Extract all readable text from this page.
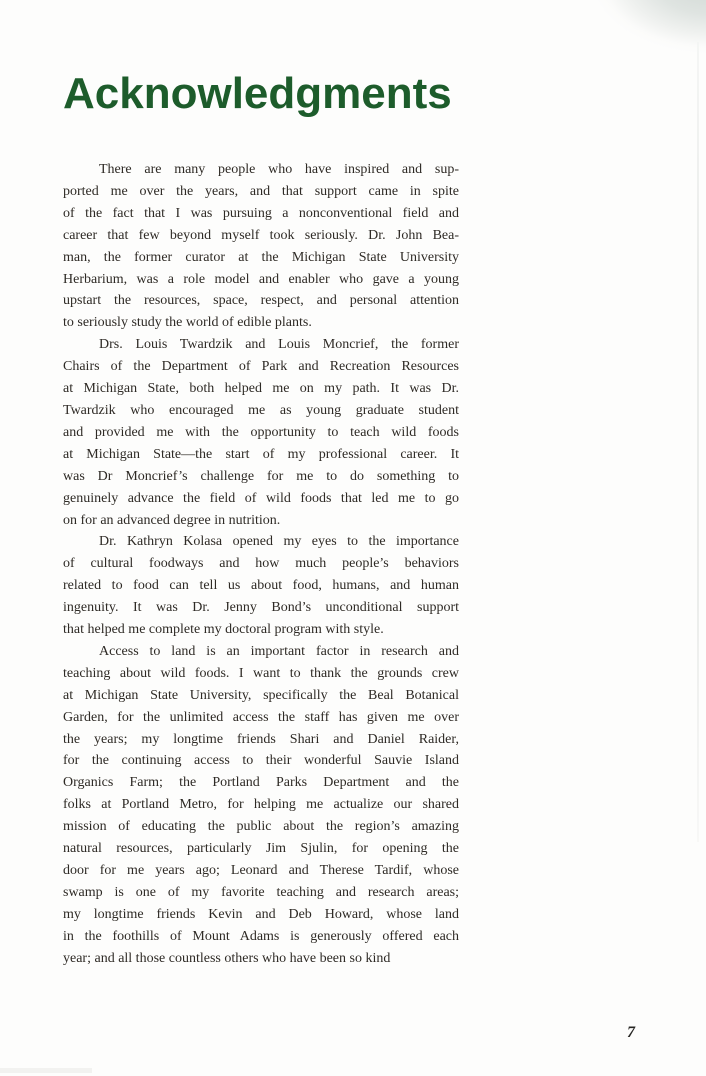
Acknowledgments

There are many people who have inspired and sup-
ported me over the years, and that support came in spite
of the fact that I was pursuing a nonconventional field and
career that few beyond myself took seriously. Dr. John Bea-
man, the former curator at the Michigan State University
Herbarium, was a role model and enabler who gave a young
upstart the resources, space, respect, and personal attention
to seriously study the world of edible plants.

Drs. Louis Twardzik and Louis Moncrief, the former
Chairs of the Department of Park and Recreation Resources
at Michigan State, both helped me on my path. It was Dr.
Twardzik who encouraged me as young graduate student
and provided me with the opportunity to teach wild foods
at Michigan State—the start of my professional career. It
was Dr Moncrief’s challenge for me to do something to
genuinely advance the field of wild foods that led me to go
on for an advanced degree in nutrition.

Dr. Kathryn Kolasa opened my eyes to the importance
of cultural foodways and how much people’s behaviors
related to food can tell us about food, humans, and human
ingenuity. It was Dr. Jenny Bond’s unconditional support
that helped me complete my doctoral program with style.

Access to land is an important factor in research and
teaching about wild foods. I want to thank the grounds crew
at Michigan State University, specifically the Beal Botanical
Garden, for the unlimited access the staff has given me over
the years; my longtime friends Shari and Daniel Raider,
for the continuing access to their wonderful Sauvie Island
Organics Farm; the Portland Parks Department and the
folks at Portland Metro, for helping me actualize our shared
mission of educating the public about the region’s amazing
natural resources, particularly Jim Sjulin, for opening the
door for me years ago; Leonard and Therese Tardif, whose
swamp is one of my favorite teaching and research areas;
my longtime friends Kevin and Deb Howard, whose land
in the foothills of Mount Adams is generously offered each
year; and all those countless others who have been so kind

7
